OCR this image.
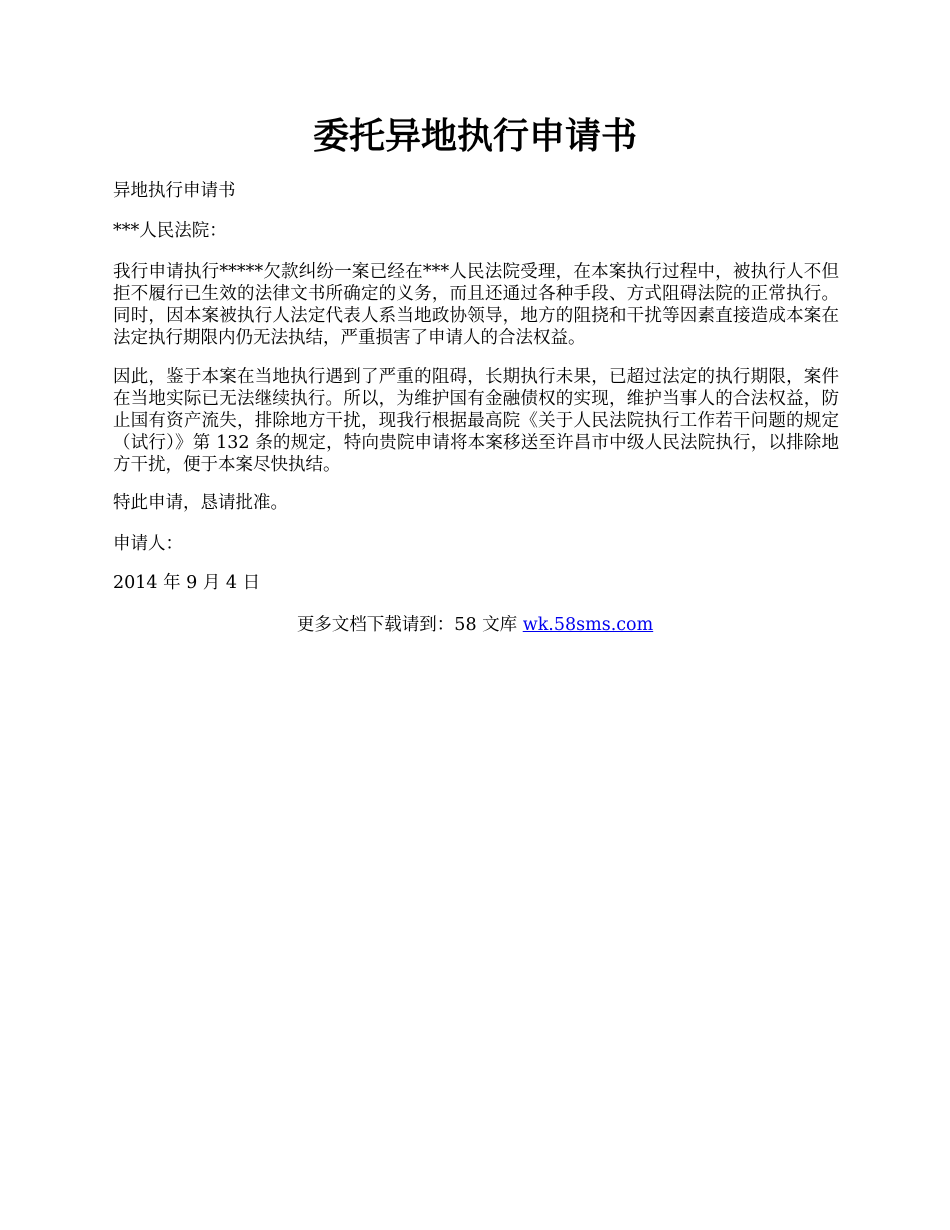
委托异地执行申请书

异地执行申请书

***人民法院：

我行申请执行*****欠款纠纷一案已经在***人民法院受理，在本案执行过程中，被执行人不但拒不履行已生效的法律文书所确定的义务，而且还通过各种手段、方式阻碍法院的正常执行。同时，因本案被执行人法定代表人系当地政协领导，地方的阻挠和干扰等因素直接造成本案在法定执行期限内仍无法执结，严重损害了申请人的合法权益。

因此，鉴于本案在当地执行遇到了严重的阻碍，长期执行未果，已超过法定的执行期限，案件在当地实际已无法继续执行。所以，为维护国有金融债权的实现，维护当事人的合法权益，防止国有资产流失，排除地方干扰，现我行根据最高院《关于人民法院执行工作若干问题的规定（试行）》第 132 条的规定，特向贵院申请将本案移送至许昌市中级人民法院执行，以排除地方干扰，便于本案尽快执结。

特此申请，恳请批准。

申请人：

2014 年 9 月 4 日

更多文档下载请到：58 文库 wk.58sms.com
